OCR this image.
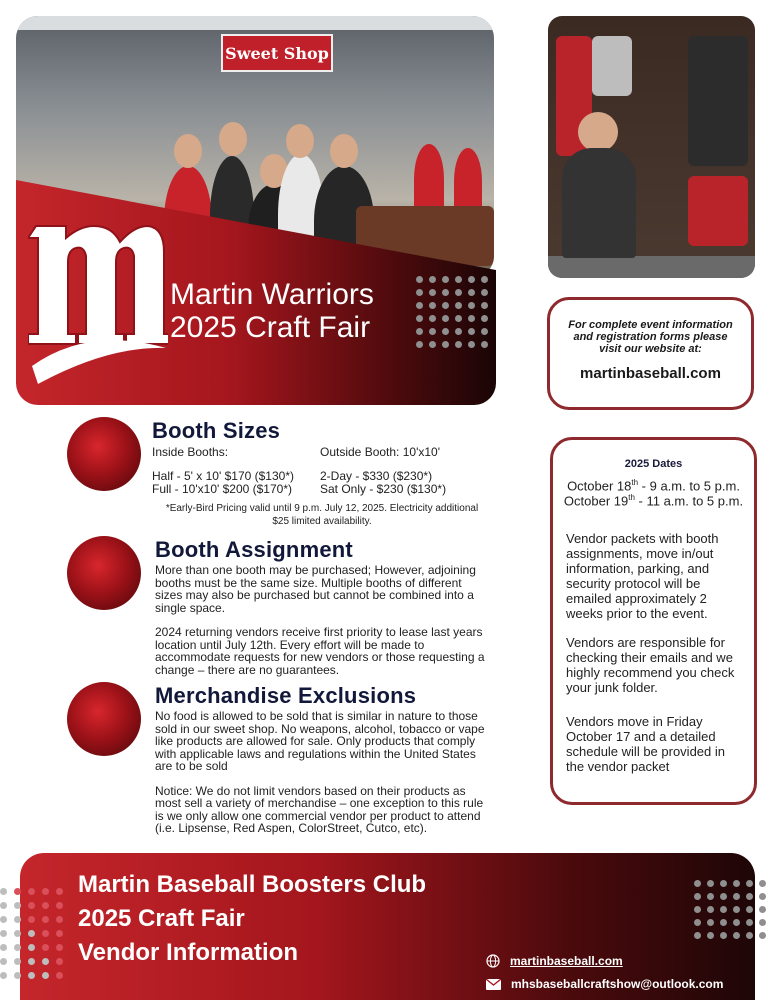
Sweet Shop
Martin Warriors
2025 Craft Fair	For complete event information and registration forms please visit our website at:
martinbaseball.com
Booth Sizes
Inside Booths:	Outside Booth: 10'x10'
Half - 5' x 10' $170 ($130*) 2-Day - $330 ($230*)
Full - 10'x10' $200 ($170*) Sat Only - $230 ($130*)
*Early-Bird Pricing valid until 9 p.m. July 12, 2025. Electricity additional $25 limited availability.
Booth Assignment
More than one booth may be purchased; However, adjoining booths must be the same size. Multiple booths of different sizes may also be purchased but cannot be combined into a single space.
2024 returning vendors receive first priority to lease last years location until July 12th. Every effort will be made to accommodate requests for new vendors or those requesting a change – there are no guarantees.
Merchandise Exclusions
No food is allowed to be sold that is similar in nature to those sold in our sweet shop. No weapons, alcohol, tobacco or vape like products are allowed for sale. Only products that comply with applicable laws and regulations within the United States are to be sold
Notice: We do not limit vendors based on their products as most sell a variety of merchandise – one exception to this rule is we only allow one commercial vendor per product to attend (i.e. Lipsense, Red Aspen, ColorStreet, Cutco, etc).
2025 Dates
October 18th - 9 a.m. to 5 p.m.
October 19th - 11 a.m. to 5 p.m.

Vendor packets with booth assignments, move in/out information, parking, and security protocol will be emailed approximately 2 weeks prior to the event.

Vendors are responsible for checking their emails and we highly recommend you check your junk folder.

Vendors move in Friday October 17 and a detailed schedule will be provided in the vendor packet

Martin Baseball Boosters Club
2025 Craft Fair
Vendor Information	martinbaseball.com
mhsbaseballcraftshow@outlook.com
